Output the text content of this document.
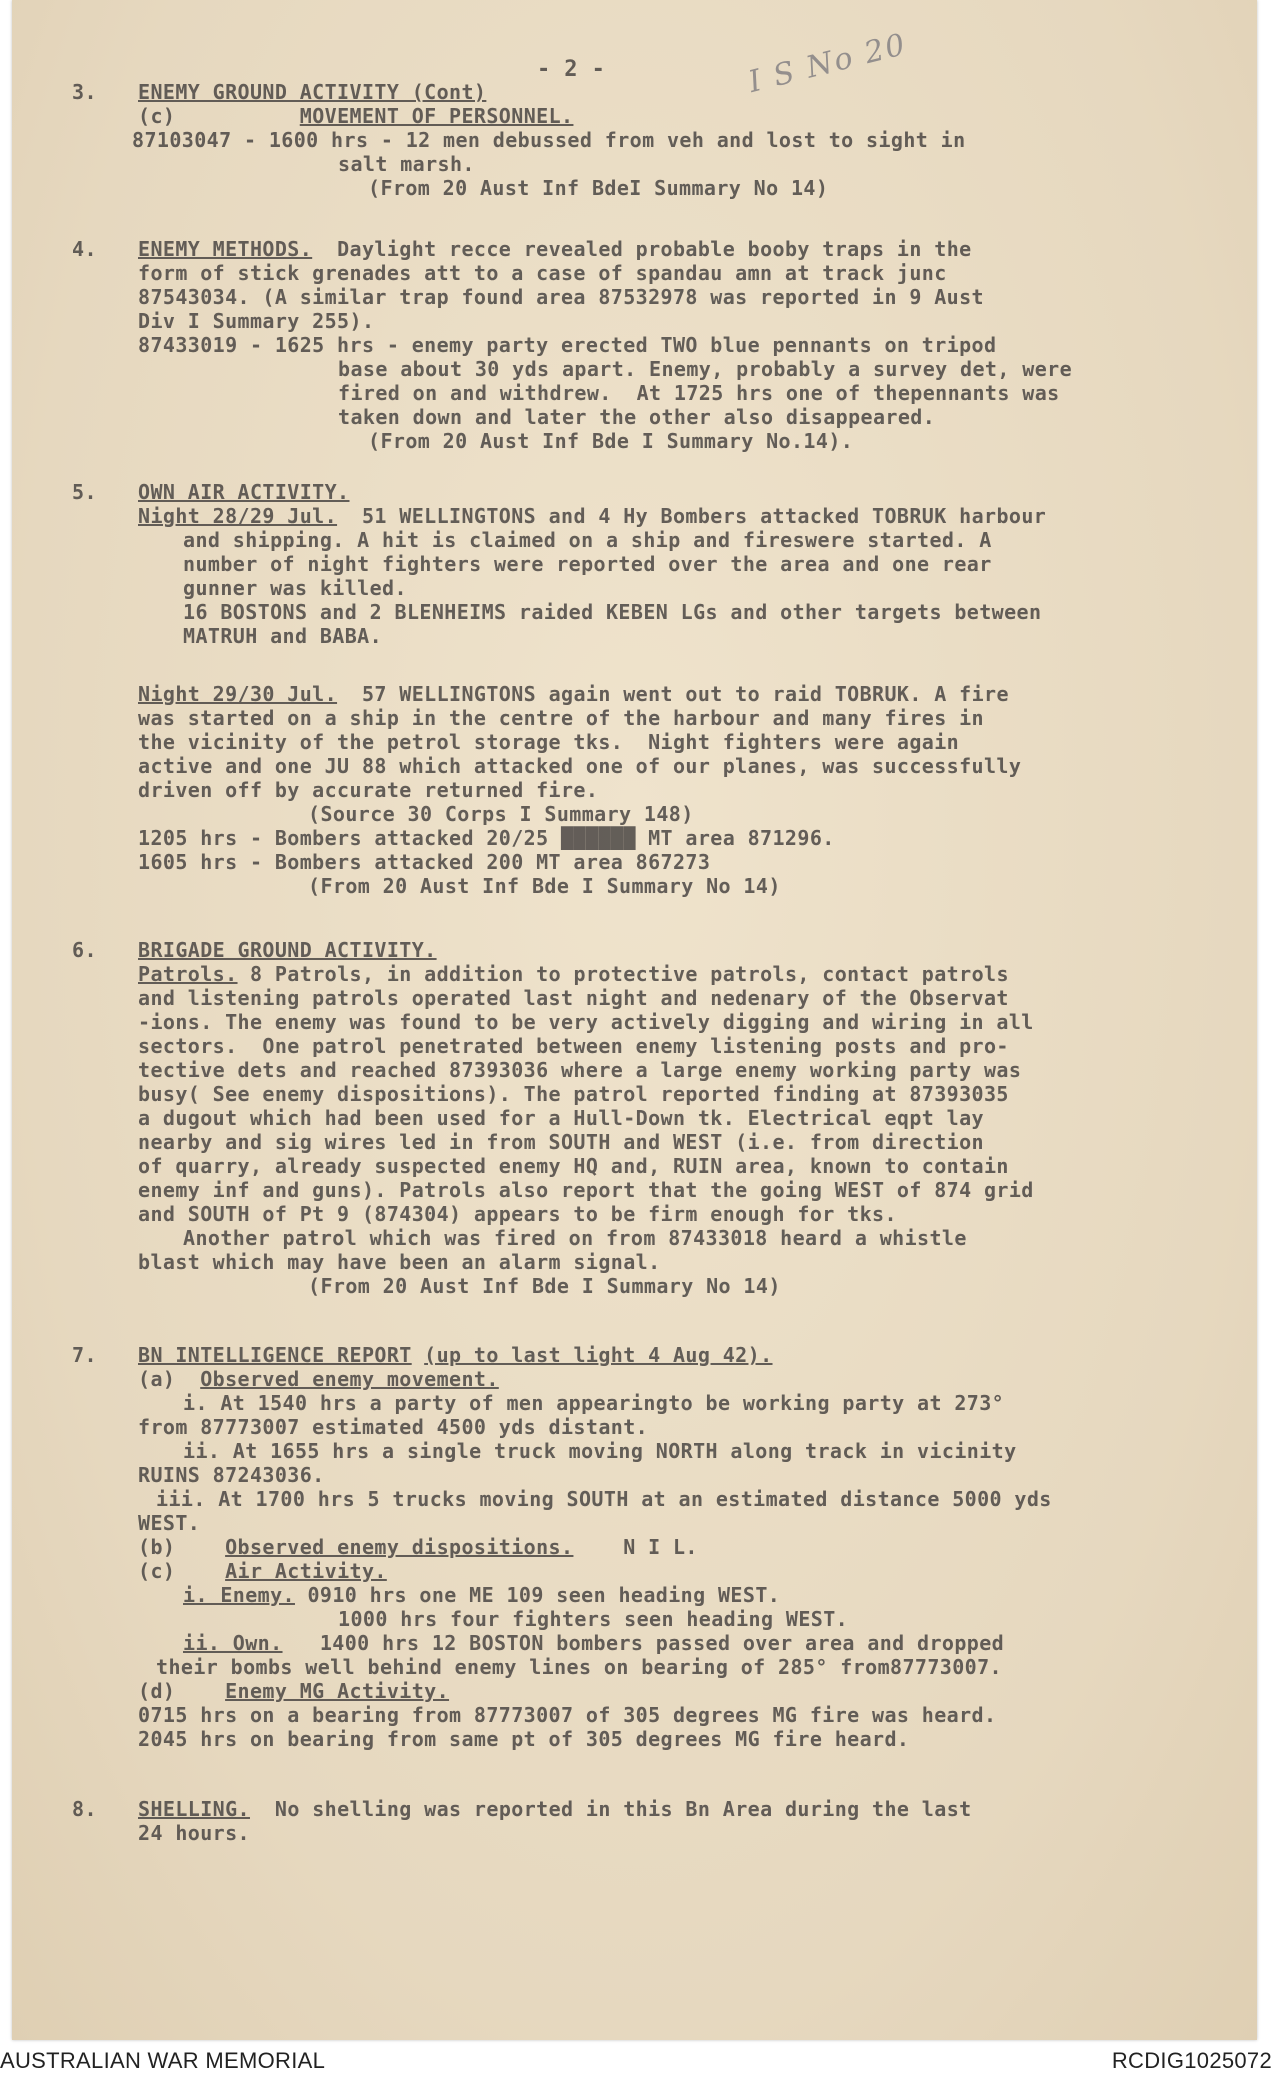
- 2 -	I S No 20
3.	ENEMY GROUND ACTIVITY (Cont)
(c)	MOVEMENT OF PERSONNEL.
87103047 - 1600 hrs - 12 men debussed from veh and lost to sight in
salt marsh.
(From 20 Aust Inf BdeI Summary No 14)
4.	ENEMY METHODS. Daylight recce revealed probable booby traps in the
form of stick grenades att to a case of spandau amn at track junc
87543034. (A similar trap found area 87532978 was reported in 9 Aust
Div I Summary 255).
87433019 - 1625 hrs - enemy party erected TWO blue pennants on tripod
base about 30 yds apart. Enemy, probably a survey det, were
fired on and withdrew.  At 1725 hrs one of thepennants was
taken down and later the other also disappeared.
(From 20 Aust Inf Bde I Summary No.14).
5.	OWN AIR ACTIVITY.
Night 28/29 Jul. 51 WELLINGTONS and 4 Hy Bombers attacked TOBRUK harbour
and shipping. A hit is claimed on a ship and fireswere started. A
number of night fighters were reported over the area and one rear
gunner was killed.
16 BOSTONS and 2 BLENHEIMS raided KEBEN LGs and other targets between
MATRUH and BABA.
Night 29/30 Jul. 57 WELLINGTONS again went out to raid TOBRUK. A fire
was started on a ship in the centre of the harbour and many fires in
the vicinity of the petrol storage tks.  Night fighters were again
active and one JU 88 which attacked one of our planes, was successfully
driven off by accurate returned fire.
(Source 30 Corps I Summary 148)
1205 hrs - Bombers attacked 20/25 ██████ MT area 871296.
1605 hrs - Bombers attacked 200 MT area 867273
(From 20 Aust Inf Bde I Summary No 14)
6.	BRIGADE GROUND ACTIVITY.
Patrols. 8 Patrols, in addition to protective patrols, contact patrols
and listening patrols operated last night and nedenary of the Observat
-ions. The enemy was found to be very actively digging and wiring in all
sectors.  One patrol penetrated between enemy listening posts and pro-
tective dets and reached 87393036 where a large enemy working party was
busy( See enemy dispositions). The patrol reported finding at 87393035
a dugout which had been used for a Hull-Down tk. Electrical eqpt lay
nearby and sig wires led in from SOUTH and WEST (i.e. from direction
of quarry, already suspected enemy HQ and, RUIN area, known to contain
enemy inf and guns). Patrols also report that the going WEST of 874 grid
and SOUTH of Pt 9 (874304) appears to be firm enough for tks.
Another patrol which was fired on from 87433018 heard a whistle
blast which may have been an alarm signal.
(From 20 Aust Inf Bde I Summary No 14)
7.	BN INTELLIGENCE REPORT (up to last light 4 Aug 42).
(a) Observed enemy movement.
i. At 1540 hrs a party of men appearingto be working party at 273°
from 87773007 estimated 4500 yds distant.
ii. At 1655 hrs a single truck moving NORTH along track in vicinity
RUINS 87243036.
iii. At 1700 hrs 5 trucks moving SOUTH at an estimated distance 5000 yds
WEST.
(b) Observed enemy dispositions. N I L.
(c) Air Activity.
i. Enemy. 0910 hrs one ME 109 seen heading WEST.
1000 hrs four fighters seen heading WEST.
ii. Own. 1400 hrs 12 BOSTON bombers passed over area and dropped
their bombs well behind enemy lines on bearing of 285° from87773007.
(d) Enemy MG Activity.
0715 hrs on a bearing from 87773007 of 305 degrees MG fire was heard.
2045 hrs on bearing from same pt of 305 degrees MG fire heard.
8.	SHELLING. No shelling was reported in this Bn Area during the last
24 hours.
AUSTRALIAN WAR MEMORIAL	RCDIG1025072
